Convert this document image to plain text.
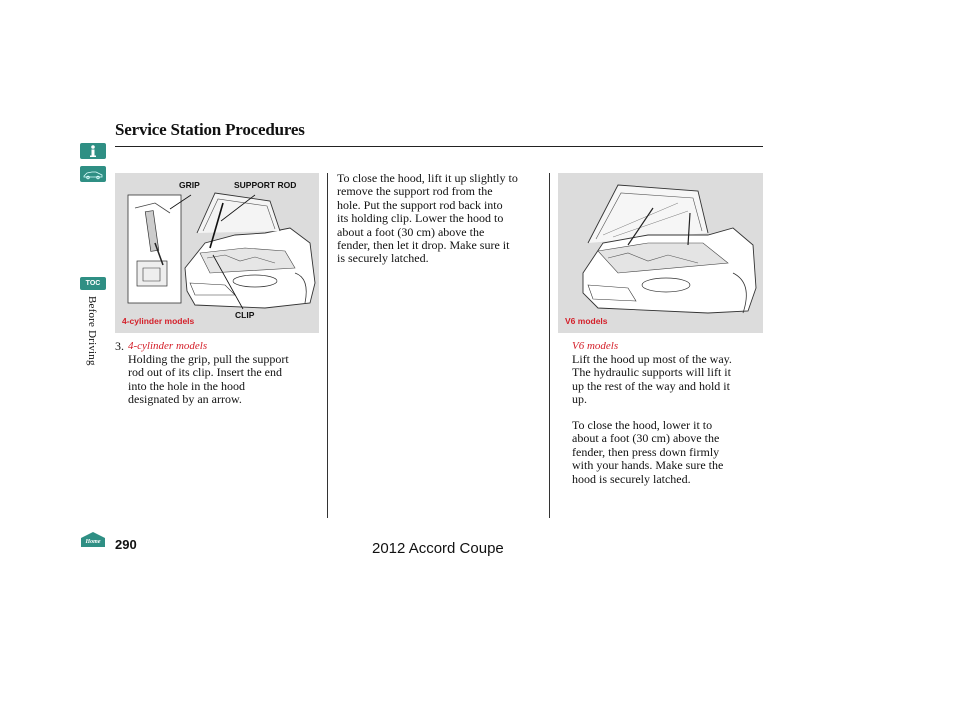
Service Station Procedures
TOC
Before Driving
GRIP	SUPPORT ROD
CLIP
4-cylinder models	V6 models
3. 4-cylinder models
Holding the grip, pull the support
rod out of its clip. Insert the end
into the hole in the hood
designated by an arrow.
To close the hood, lift it up slightly to
remove the support rod from the
hole. Put the support rod back into
its holding clip. Lower the hood to
about a foot (30 cm) above the
fender, then let it drop. Make sure it
is securely latched.
V6 models
Lift the hood up most of the way.
The hydraulic supports will lift it
up the rest of the way and hold it
up.
To close the hood, lower it to
about a foot (30 cm) above the
fender, then press down firmly
with your hands. Make sure the
hood is securely latched.
Home 290	2012 Accord Coupe
